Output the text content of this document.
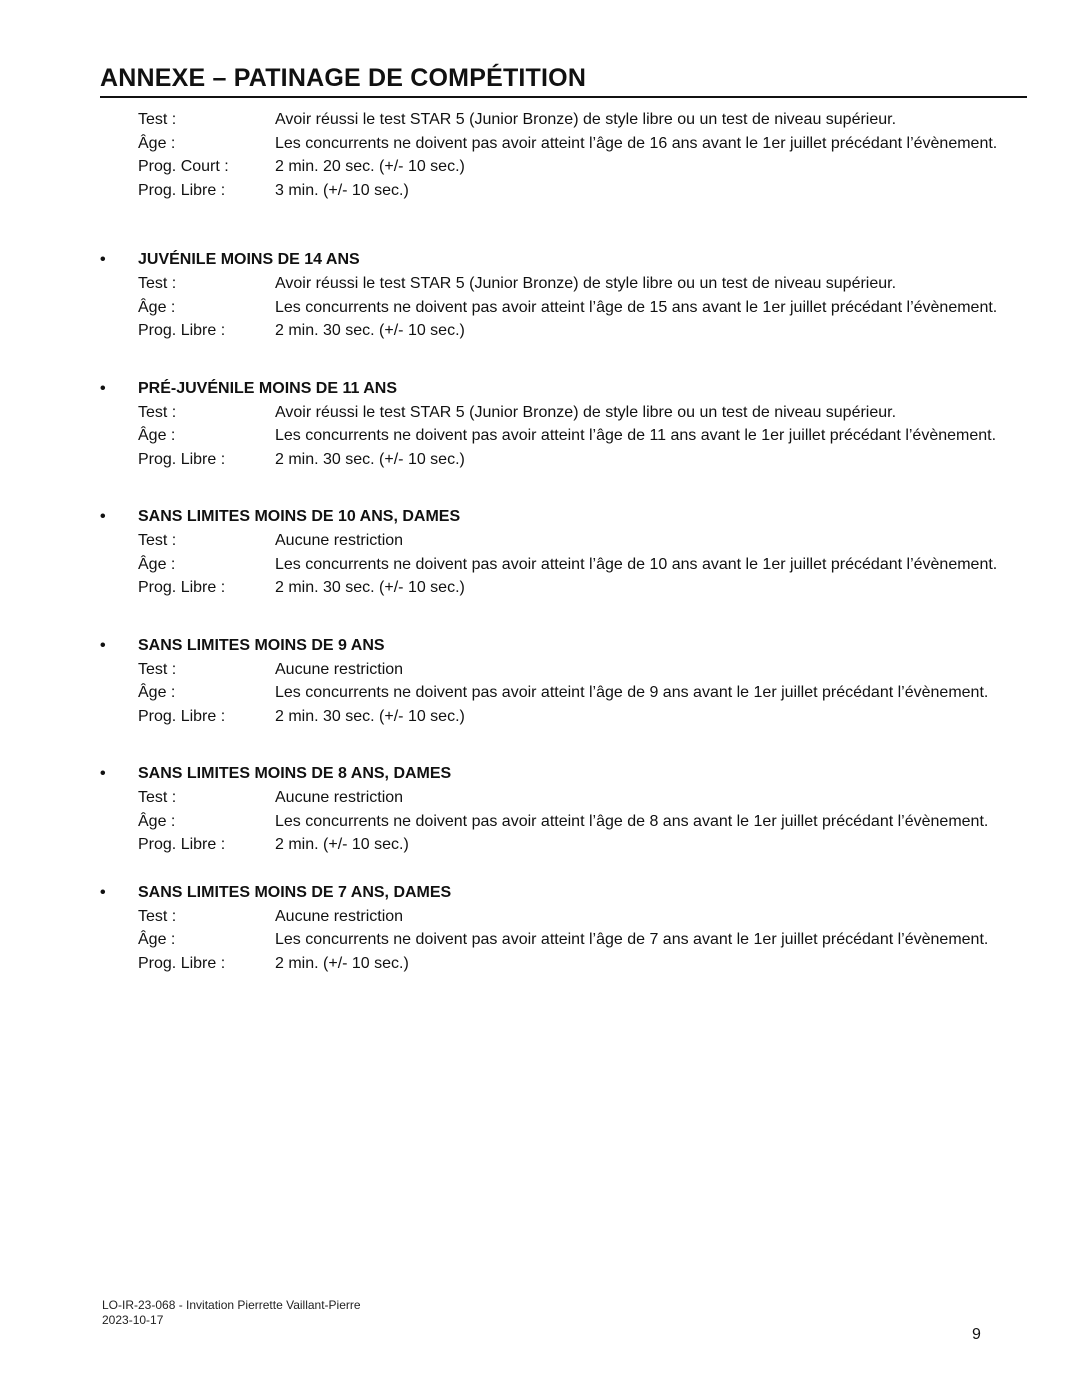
ANNEXE – PATINAGE DE COMPÉTITION
Test :	Avoir réussi le test STAR 5 (Junior Bronze) de style libre ou un test de niveau supérieur.
Âge :	Les concurrents ne doivent pas avoir atteint l’âge de 16 ans avant le 1er juillet précédant l’évènement.
Prog. Court :	2 min. 20 sec. (+/- 10 sec.)
Prog. Libre :	3 min. (+/- 10 sec.)
• JUVÉNILE MOINS DE 14 ANS
Test :	Avoir réussi le test STAR 5 (Junior Bronze) de style libre ou un test de niveau supérieur.
Âge :	Les concurrents ne doivent pas avoir atteint l’âge de 15 ans avant le 1er juillet précédant l’évènement.
Prog. Libre :	2 min. 30 sec. (+/- 10 sec.)
• PRÉ-JUVÉNILE MOINS DE 11 ANS
Test :	Avoir réussi le test STAR 5 (Junior Bronze) de style libre ou un test de niveau supérieur.
Âge :	Les concurrents ne doivent pas avoir atteint l’âge de 11 ans avant le 1er juillet précédant l’évènement.
Prog. Libre :	2 min. 30 sec. (+/- 10 sec.)
• SANS LIMITES MOINS DE 10 ANS, DAMES
Test :	Aucune restriction
Âge :	Les concurrents ne doivent pas avoir atteint l’âge de 10 ans avant le 1er juillet précédant l’évènement.
Prog. Libre :	2 min. 30 sec. (+/- 10 sec.)
• SANS LIMITES MOINS DE 9 ANS
Test :	Aucune restriction
Âge :	Les concurrents ne doivent pas avoir atteint l’âge de 9 ans avant le 1er juillet précédant l’évènement.
Prog. Libre :	2 min. 30 sec. (+/- 10 sec.)
• SANS LIMITES MOINS DE 8 ANS, DAMES
Test :	Aucune restriction
Âge :	Les concurrents ne doivent pas avoir atteint l’âge de 8 ans avant le 1er juillet précédant l’évènement.
Prog. Libre :	2 min. (+/- 10 sec.)
• SANS LIMITES MOINS DE 7 ANS, DAMES
Test :	Aucune restriction
Âge :	Les concurrents ne doivent pas avoir atteint l’âge de 7 ans avant le 1er juillet précédant l’évènement.
Prog. Libre :	2 min. (+/- 10 sec.)
LO-IR-23-068 - Invitation Pierrette Vaillant-Pierre
2023-10-17
9
